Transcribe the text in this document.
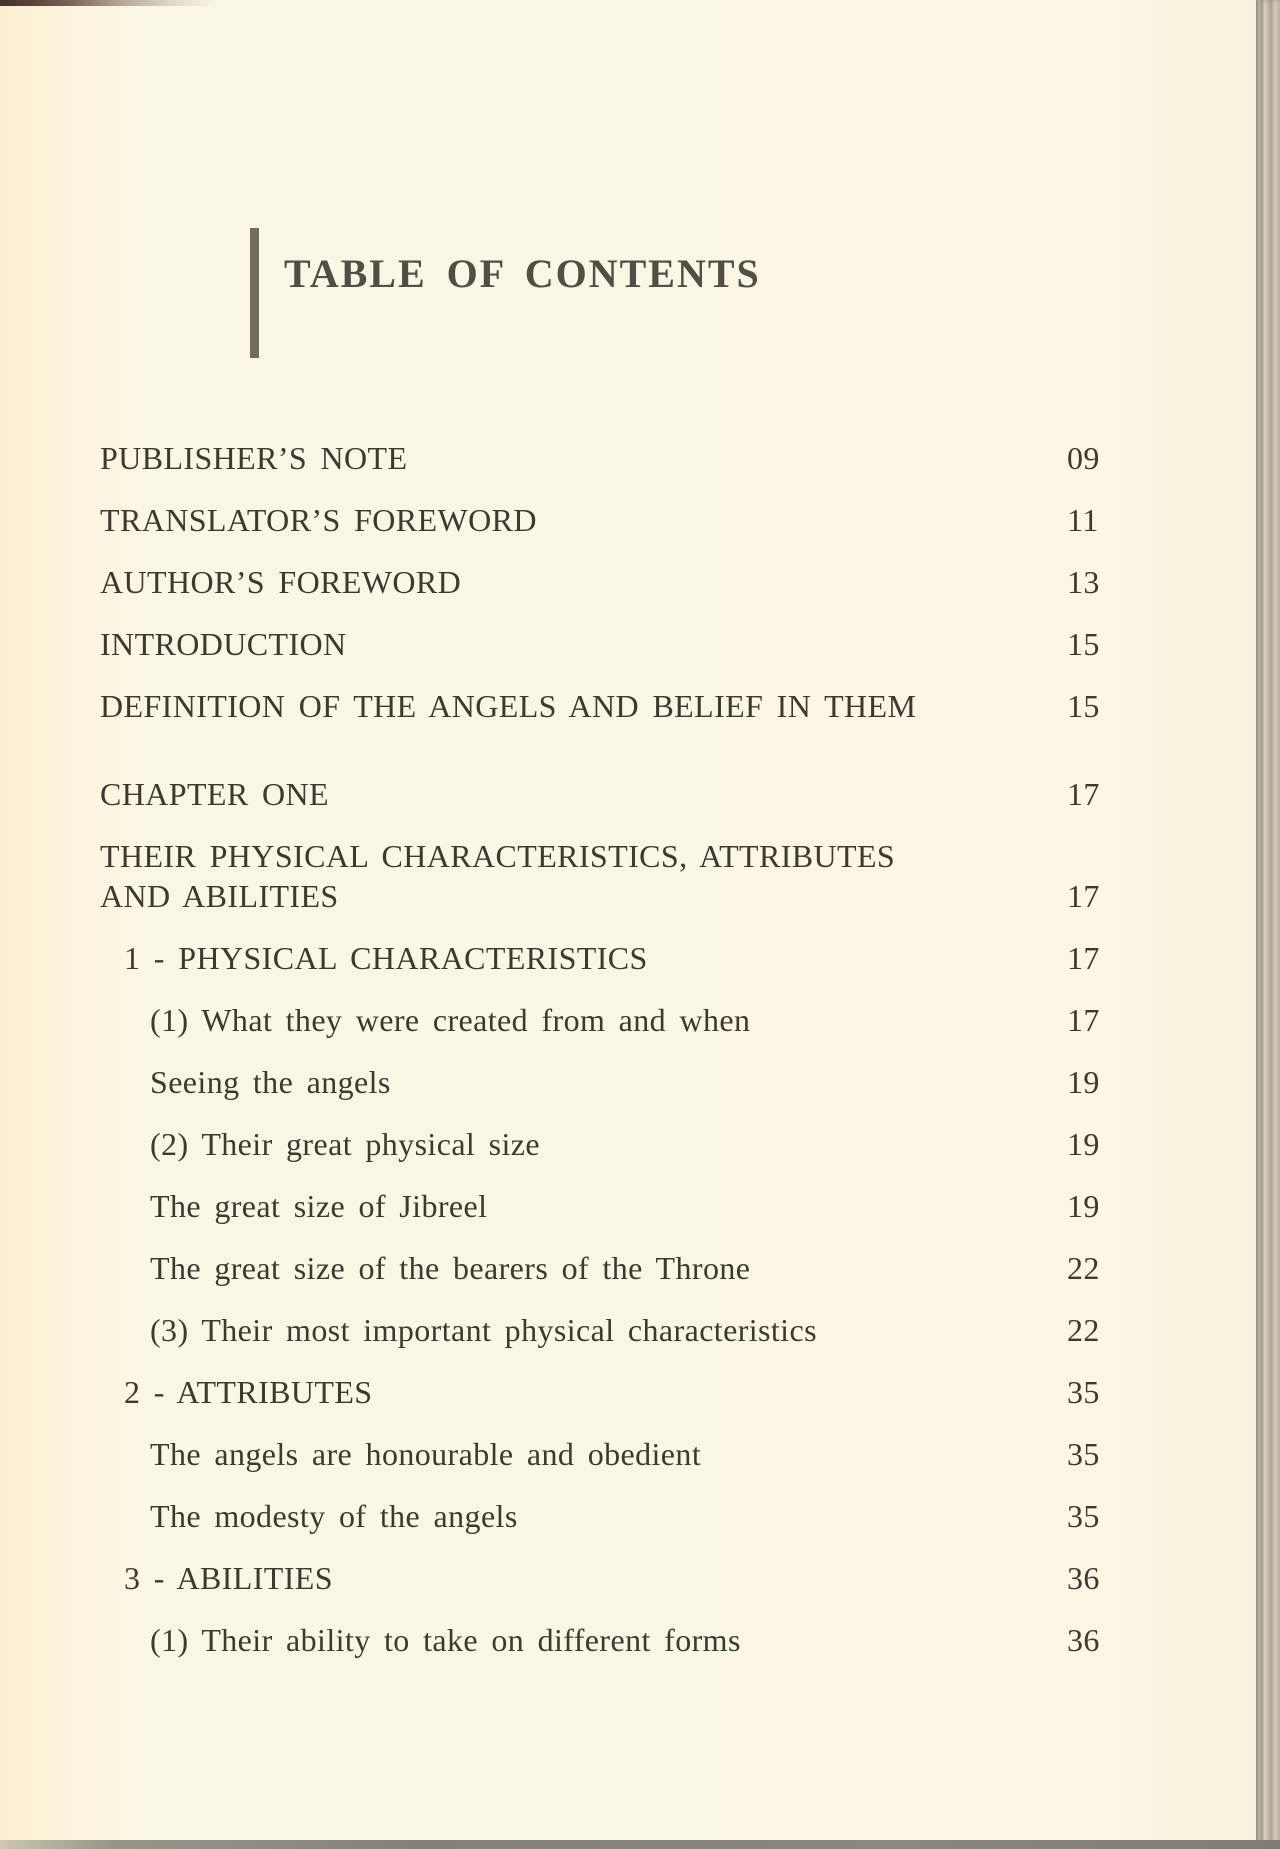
TABLE OF CONTENTS
PUBLISHER’S NOTE	09
TRANSLATOR’S FOREWORD	11
AUTHOR’S FOREWORD	13
INTRODUCTION	15
DEFINITION OF THE ANGELS AND BELIEF IN THEM	15
CHAPTER ONE	17
THEIR PHYSICAL CHARACTERISTICS, ATTRIBUTES
AND ABILITIES	17
1 - PHYSICAL CHARACTERISTICS	17
(1) What they were created from and when	17
Seeing the angels	19
(2) Their great physical size	19
The great size of Jibreel	19
The great size of the bearers of the Throne	22
(3) Their most important physical characteristics	22
2 - ATTRIBUTES	35
The angels are honourable and obedient	35
The modesty of the angels	35
3 - ABILITIES	36
(1) Their ability to take on different forms	36
